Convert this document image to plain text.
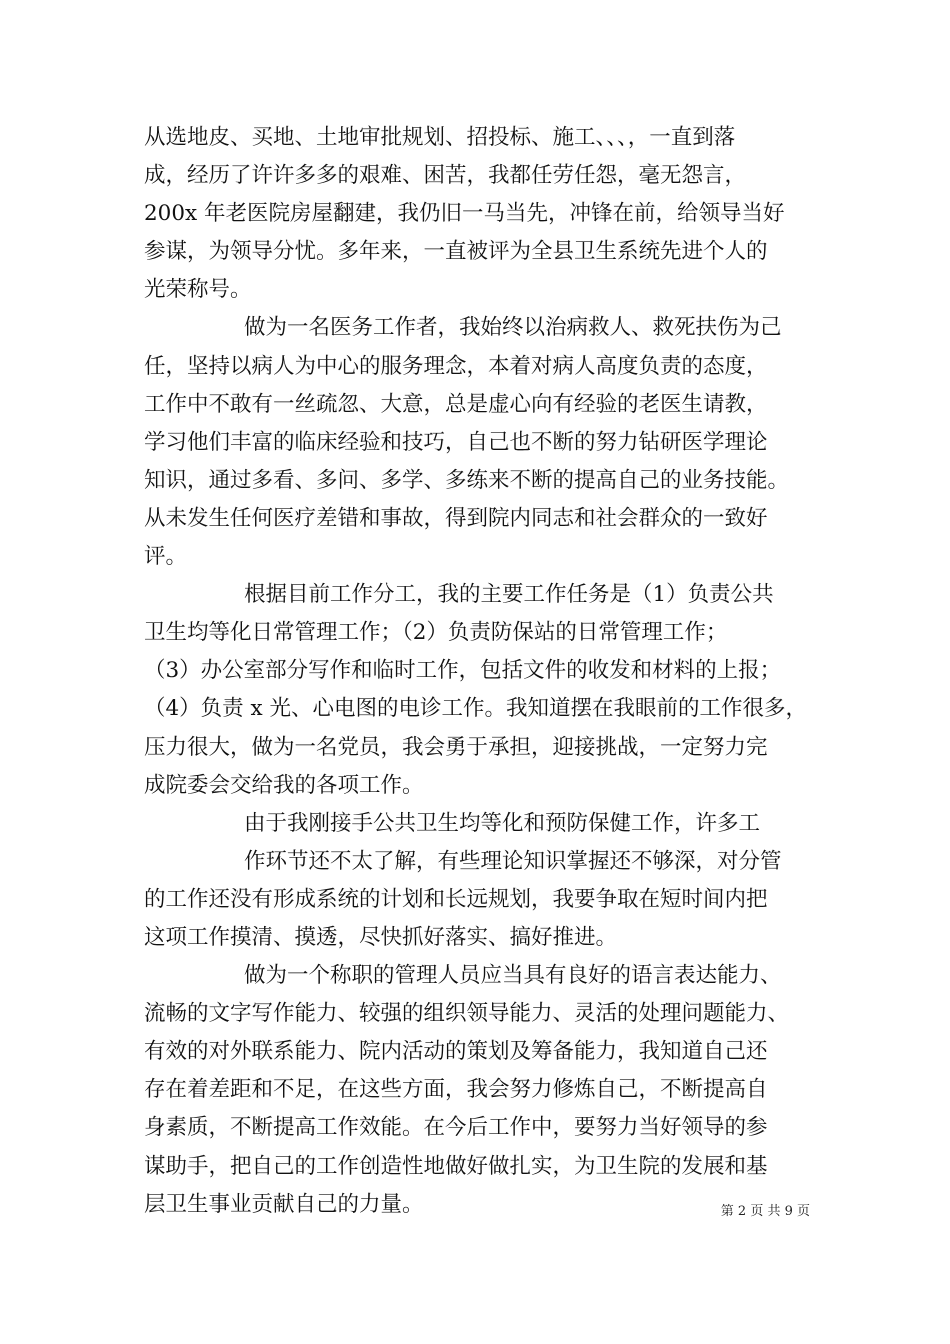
从选地皮、买地、土地审批规划、招投标、施工、、、，一直到落
成，经历了许许多多的艰难、困苦，我都任劳任怨，毫无怨言，
200x 年老医院房屋翻建，我仍旧一马当先，冲锋在前，给领导当好
参谋，为领导分忧。多年来，一直被评为全县卫生系统先进个人的
光荣称号。
做为一名医务工作者，我始终以治病救人、救死扶伤为己
任，坚持以病人为中心的服务理念，本着对病人高度负责的态度，
工作中不敢有一丝疏忽、大意，总是虚心向有经验的老医生请教，
学习他们丰富的临床经验和技巧，自己也不断的努力钻研医学理论
知识，通过多看、多问、多学、多练来不断的提高自己的业务技能。
从未发生任何医疗差错和事故，得到院内同志和社会群众的一致好
评。
根据目前工作分工，我的主要工作任务是（1）负责公共
卫生均等化日常管理工作；（2）负责防保站的日常管理工作；
（3）办公室部分写作和临时工作，包括文件的收发和材料的上报；
（4）负责 x 光、心电图的电诊工作。我知道摆在我眼前的工作很多，
压力很大，做为一名党员，我会勇于承担，迎接挑战，一定努力完
成院委会交给我的各项工作。
由于我刚接手公共卫生均等化和预防保健工作，许多工
作环节还不太了解，有些理论知识掌握还不够深，对分管
的工作还没有形成系统的计划和长远规划，我要争取在短时间内把
这项工作摸清、摸透，尽快抓好落实、搞好推进。
做为一个称职的管理人员应当具有良好的语言表达能力、
流畅的文字写作能力、较强的组织领导能力、灵活的处理问题能力、
有效的对外联系能力、院内活动的策划及筹备能力，我知道自己还
存在着差距和不足，在这些方面，我会努力修炼自己，不断提高自
身素质，不断提高工作效能。在今后工作中，要努力当好领导的参
谋助手，把自己的工作创造性地做好做扎实，为卫生院的发展和基
层卫生事业贡献自己的力量。	第 2 页 共 9 页
